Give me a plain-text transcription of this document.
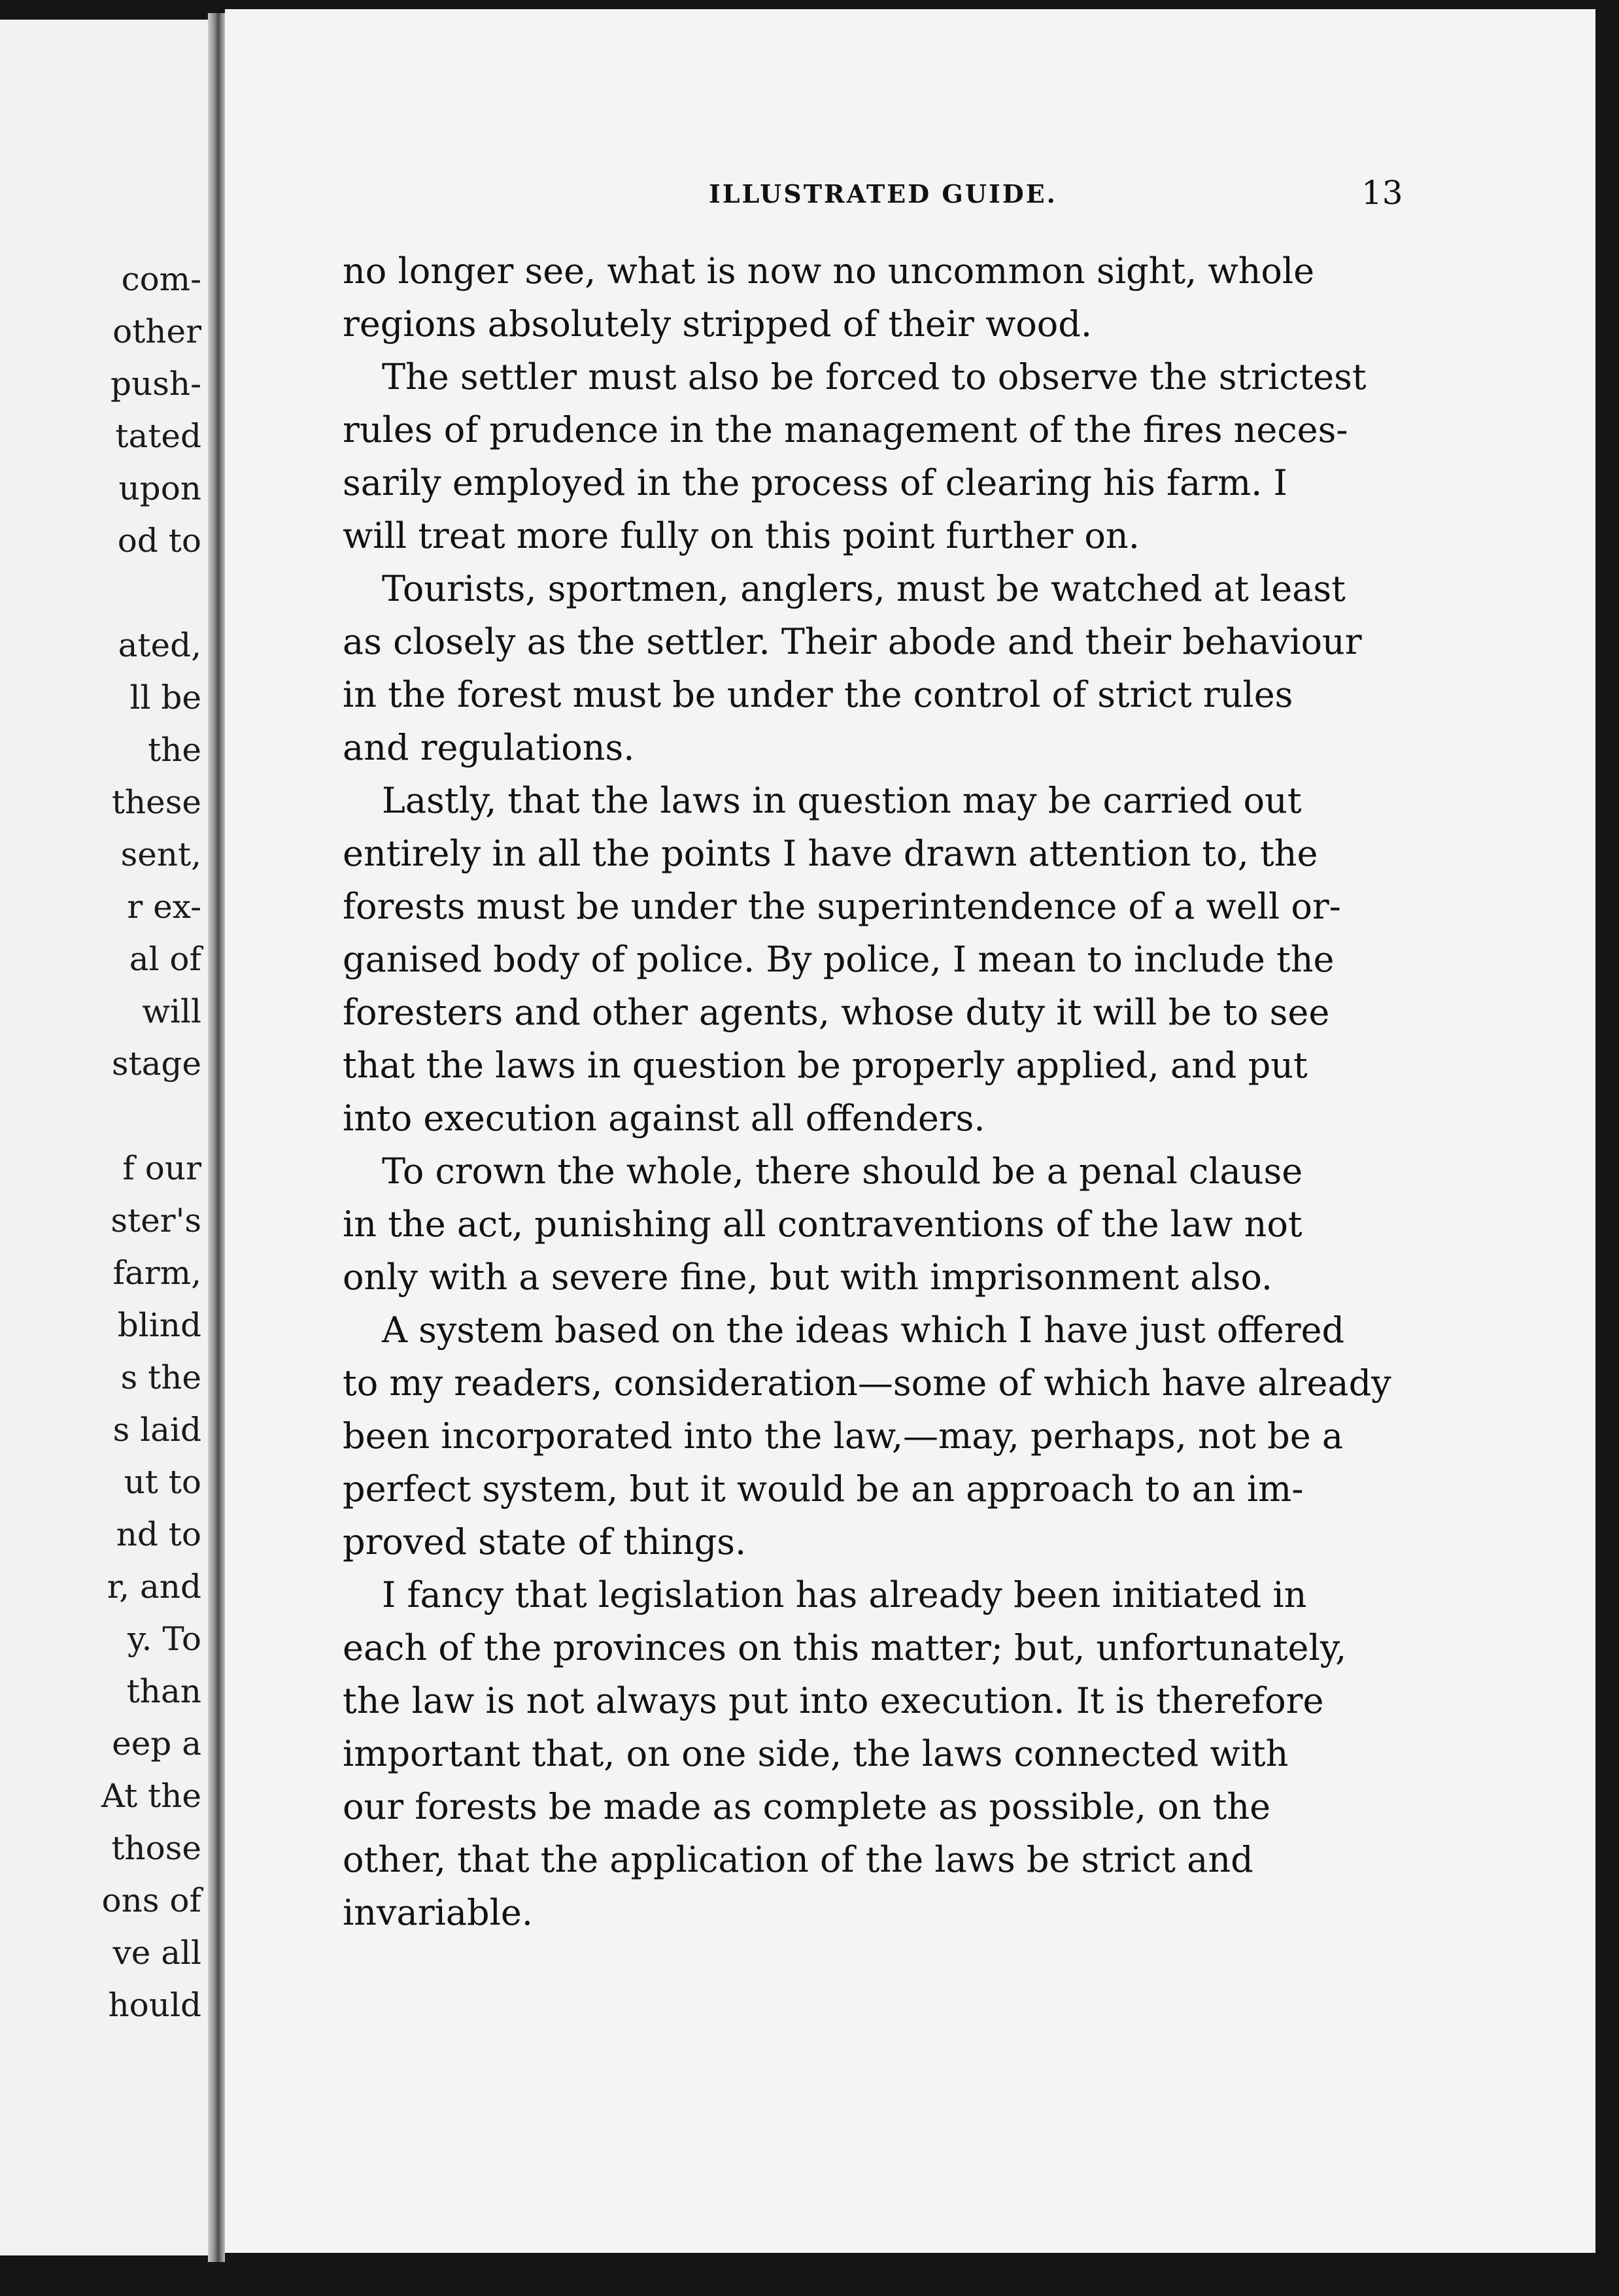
com-
other
push-
tated
upon
od to
ated,
ll be
the
these
sent,
r ex-
al of
will
stage
f our
ster's
farm,
blind
s the
s laid
ut to
nd to
r, and
y. To
than
eep a
At the
those
ons of
ve all
hould
ILLUSTRATED GUIDE.	13
no longer see, what is now no uncommon sight, whole
regions absolutely stripped of their wood.
The settler must also be forced to observe the strictest
rules of prudence in the management of the fires neces-
sarily employed in the process of clearing his farm. I
will treat more fully on this point further on.
Tourists, sportmen, anglers, must be watched at least
as closely as the settler. Their abode and their behaviour
in the forest must be under the control of strict rules
and regulations.
Lastly, that the laws in question may be carried out
entirely in all the points I have drawn attention to, the
forests must be under the superintendence of a well or-
ganised body of police. By police, I mean to include the
foresters and other agents, whose duty it will be to see
that the laws in question be properly applied, and put
into execution against all offenders.
To crown the whole, there should be a penal clause
in the act, punishing all contraventions of the law not
only with a severe fine, but with imprisonment also.
A system based on the ideas which I have just offered
to my readers, consideration—some of which have already
been incorporated into the law,—may, perhaps, not be a
perfect system, but it would be an approach to an im-
proved state of things.
I fancy that legislation has already been initiated in
each of the provinces on this matter; but, unfortunately,
the law is not always put into execution. It is therefore
important that, on one side, the laws connected with
our forests be made as complete as possible, on the
other, that the application of the laws be strict and
invariable.
